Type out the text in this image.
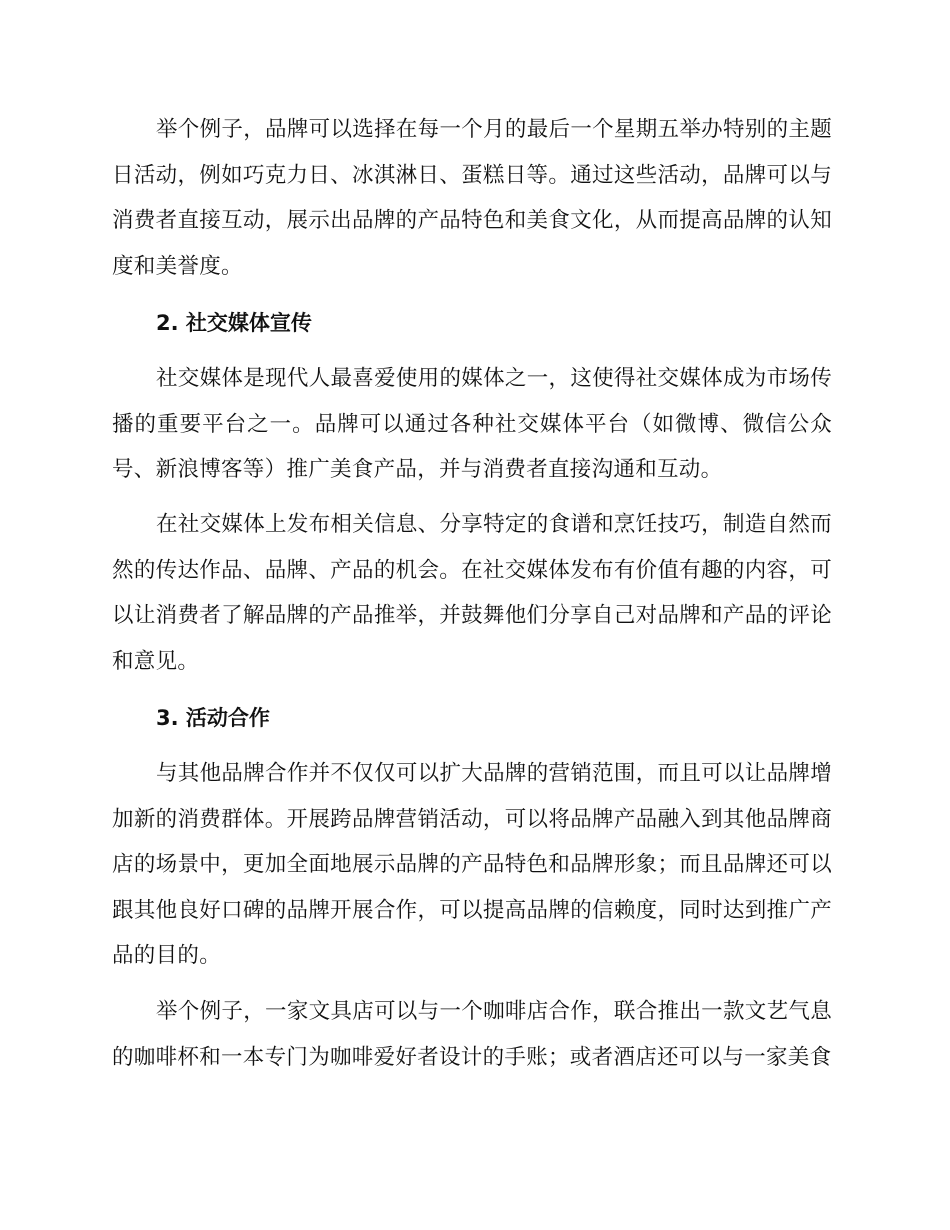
举个例子，品牌可以选择在每一个月的最后一个星期五举办特别的主题日活动，例如巧克力日、冰淇淋日、蛋糕日等。通过这些活动，品牌可以与消费者直接互动，展示出品牌的产品特色和美食文化，从而提高品牌的认知度和美誉度。

2. 社交媒体宣传

社交媒体是现代人最喜爱使用的媒体之一，这使得社交媒体成为市场传播的重要平台之一。品牌可以通过各种社交媒体平台（如微博、微信公众号、新浪博客等）推广美食产品，并与消费者直接沟通和互动。

在社交媒体上发布相关信息、分享特定的食谱和烹饪技巧，制造自然而然的传达作品、品牌、产品的机会。在社交媒体发布有价值有趣的内容，可以让消费者了解品牌的产品推举，并鼓舞他们分享自己对品牌和产品的评论和意见。

3. 活动合作

与其他品牌合作并不仅仅可以扩大品牌的营销范围，而且可以让品牌增加新的消费群体。开展跨品牌营销活动，可以将品牌产品融入到其他品牌商店的场景中，更加全面地展示品牌的产品特色和品牌形象；而且品牌还可以跟其他良好口碑的品牌开展合作，可以提高品牌的信赖度，同时达到推广产品的目的。

举个例子，一家文具店可以与一个咖啡店合作，联合推出一款文艺气息的咖啡杯和一本专门为咖啡爱好者设计的手账；或者酒店还可以与一家美食
